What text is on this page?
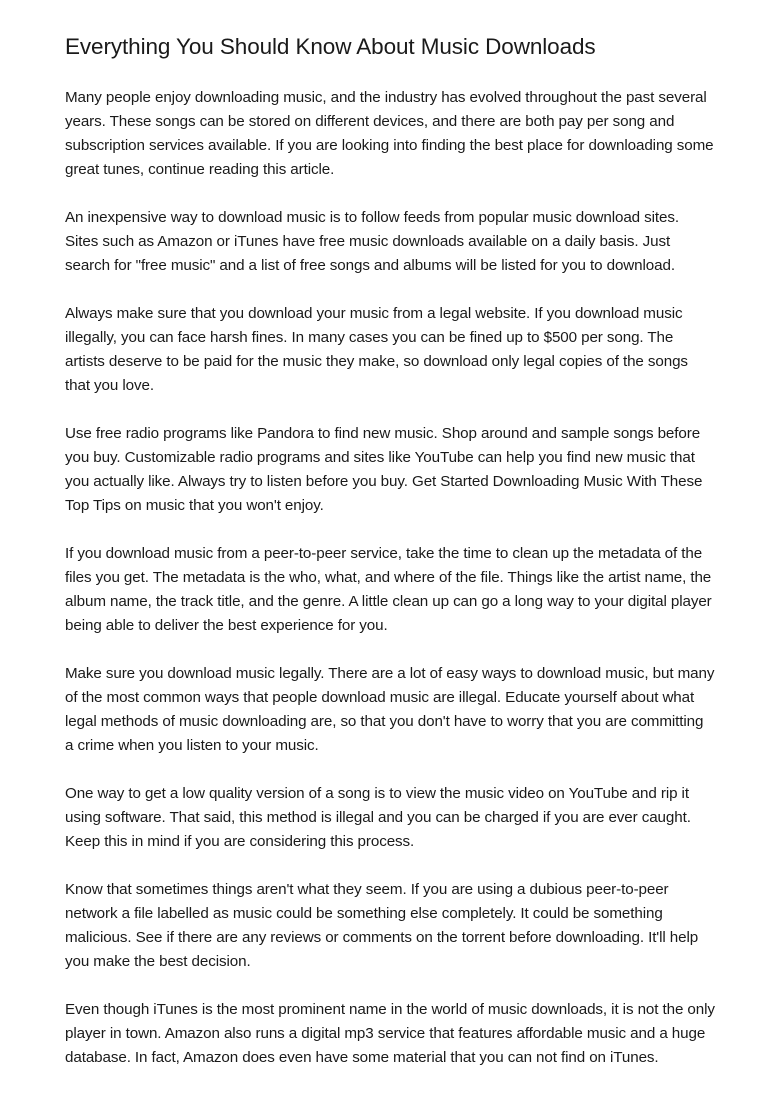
Everything You Should Know About Music Downloads

Many people enjoy downloading music, and the industry has evolved throughout the past several years. These songs can be stored on different devices, and there are both pay per song and subscription services available. If you are looking into finding the best place for downloading some great tunes, continue reading this article.

An inexpensive way to download music is to follow feeds from popular music download sites. Sites such as Amazon or iTunes have free music downloads available on a daily basis. Just search for "free music" and a list of free songs and albums will be listed for you to download.

Always make sure that you download your music from a legal website. If you download music illegally, you can face harsh fines. In many cases you can be fined up to $500 per song. The artists deserve to be paid for the music they make, so download only legal copies of the songs that you love.

Use free radio programs like Pandora to find new music. Shop around and sample songs before you buy. Customizable radio programs and sites like YouTube can help you find new music that you actually like. Always try to listen before you buy. Get Started Downloading Music With These Top Tips on music that you won't enjoy.

If you download music from a peer-to-peer service, take the time to clean up the metadata of the files you get. The metadata is the who, what, and where of the file. Things like the artist name, the album name, the track title, and the genre. A little clean up can go a long way to your digital player being able to deliver the best experience for you.

Make sure you download music legally. There are a lot of easy ways to download music, but many of the most common ways that people download music are illegal. Educate yourself about what legal methods of music downloading are, so that you don't have to worry that you are committing a crime when you listen to your music.

One way to get a low quality version of a song is to view the music video on YouTube and rip it using software. That said, this method is illegal and you can be charged if you are ever caught. Keep this in mind if you are considering this process.

Know that sometimes things aren't what they seem. If you are using a dubious peer-to-peer network a file labelled as music could be something else completely. It could be something malicious. See if there are any reviews or comments on the torrent before downloading. It'll help you make the best decision.

Even though iTunes is the most prominent name in the world of music downloads, it is not the only player in town. Amazon also runs a digital mp3 service that features affordable music and a huge database. In fact, Amazon does even have some material that you can not find on iTunes.
